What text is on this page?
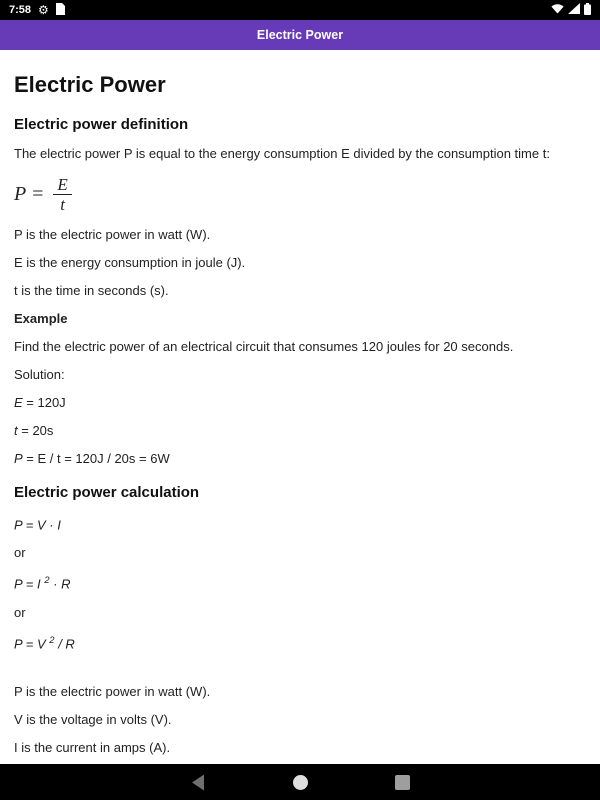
7:58 ⚙
Electric Power
Electric Power
Electric power definition

The electric power P is equal to the energy consumption E divided by the consumption time t:

$P = \frac{E}{t}$

P is the electric power in watt (W).

E is the energy consumption in joule (J).

t is the time in seconds (s).

Example

Find the electric power of an electrical circuit that consumes 120 joules for 20 seconds.

Solution:

E = 120J

t = 20s

P = E / t = 120J / 20s = 6W

Electric power calculation

P = V · I

or

P = I $^2$ · R

or

P = V $^2$ / R

P is the electric power in watt (W).

V is the voltage in volts (V).

I is the current in amps (A).
